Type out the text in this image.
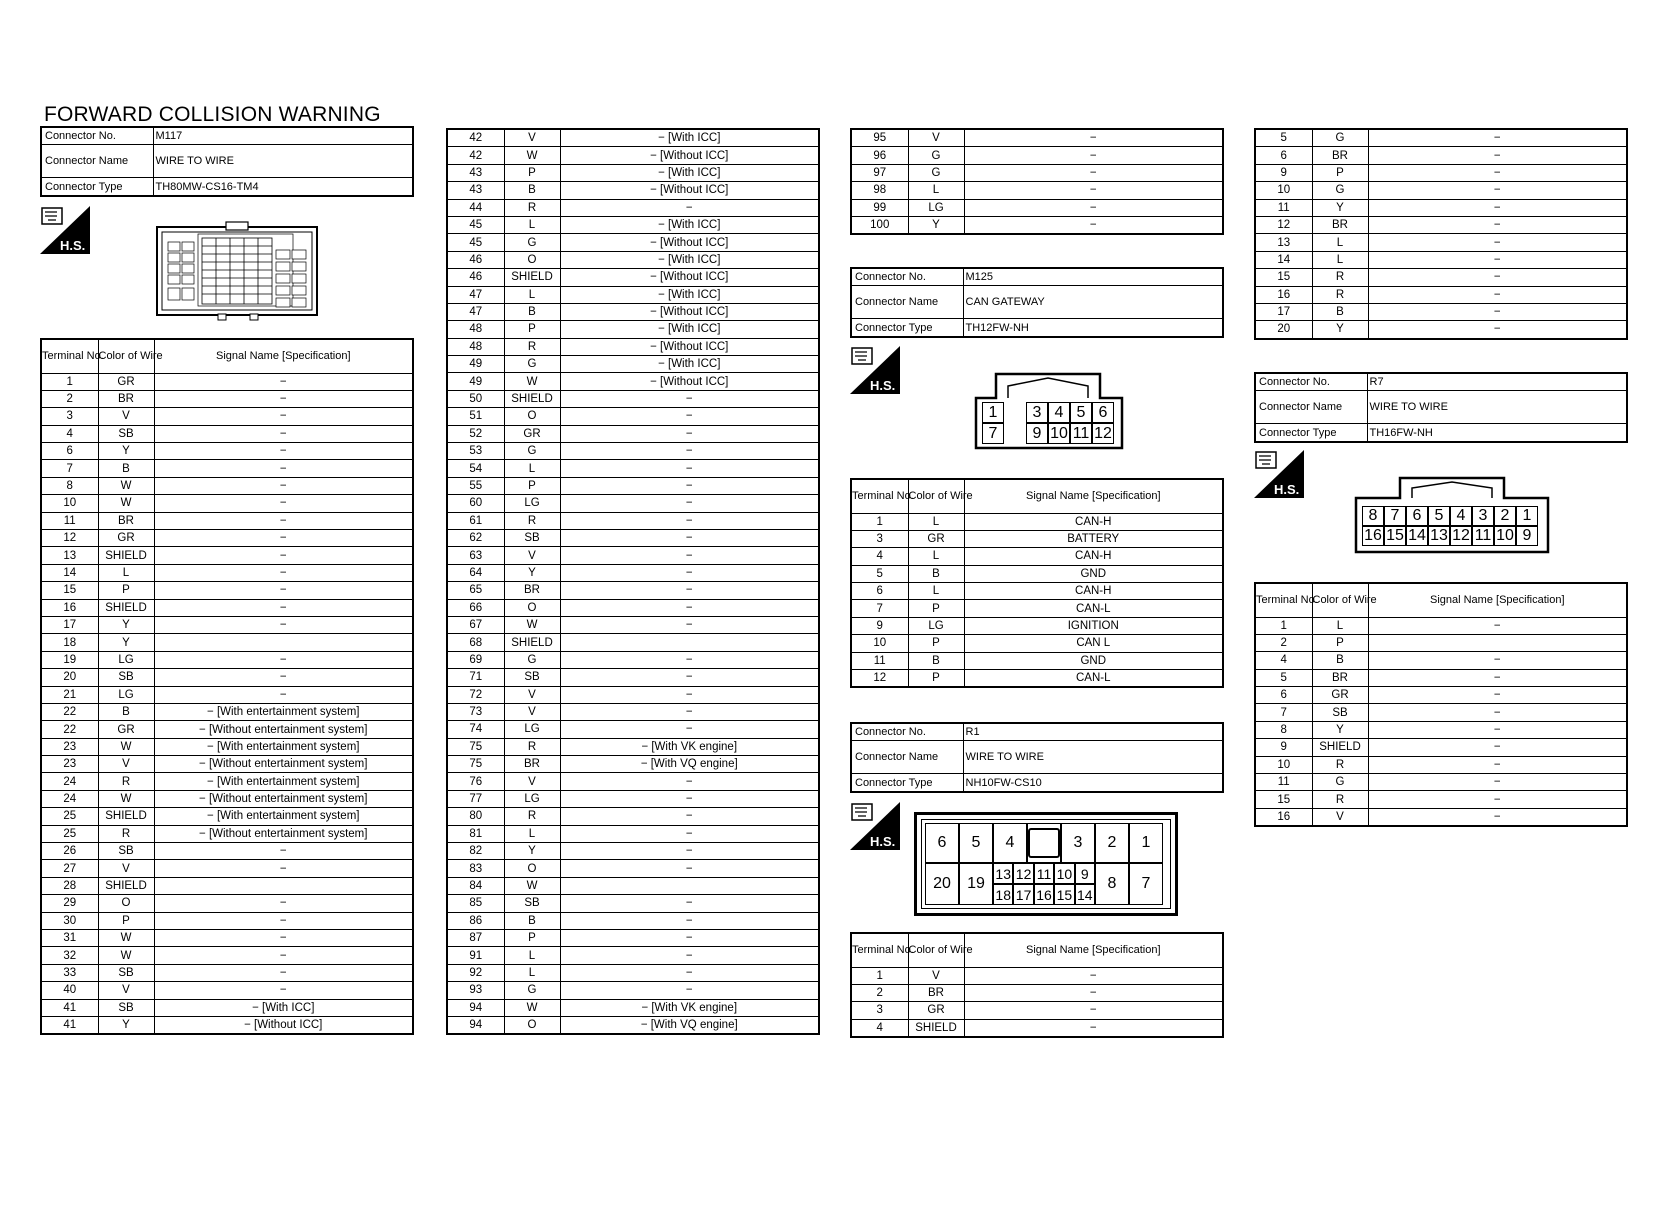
FORWARD COLLISION WARNING
Connector No.	M117
Connector Name	WIRE TO WIRE
Connector Type	TH80MW-CS16-TM4
H.S.
Terminal No.	Color of Wire	Signal Name [Specification]
1	GR	−
2	BR	−
3	V	−
4	SB	−
6	Y	−
7	B	−
8	W	−
10	W	−
11	BR	−
12	GR	−
13	SHIELD	−
14	L	−
15	P	−
16	SHIELD	−
17	Y	−
18	Y	
19	LG	−
20	SB	−
21	LG	−
22	B	− [With entertainment system]
22	GR	− [Without entertainment system]
23	W	− [With entertainment system]
23	V	− [Without entertainment system]
24	R	− [With entertainment system]
24	W	− [Without entertainment system]
25	SHIELD	− [With entertainment system]
25	R	− [Without entertainment system]
26	SB	−
27	V	−
28	SHIELD	
29	O	−
30	P	−
31	W	−
32	W	−
33	SB	−
40	V	−
41	SB	− [With ICC]
41	Y	− [Without ICC]
42	V	− [With ICC]
42	W	− [Without ICC]
43	P	− [With ICC]
43	B	− [Without ICC]
44	R	−
45	L	− [With ICC]
45	G	− [Without ICC]
46	O	− [With ICC]
46	SHIELD	− [Without ICC]
47	L	− [With ICC]
47	B	− [Without ICC]
48	P	− [With ICC]
48	R	− [Without ICC]
49	G	− [With ICC]
49	W	− [Without ICC]
50	SHIELD	−
51	O	−
52	GR	−
53	G	−
54	L	−
55	P	−
60	LG	−
61	R	−
62	SB	−
63	V	−
64	Y	−
65	BR	−
66	O	−
67	W	−
68	SHIELD	
69	G	−
71	SB	−
72	V	−
73	V	−
74	LG	−
75	R	− [With VK engine]
75	BR	− [With VQ engine]
76	V	−
77	LG	−
80	R	−
81	L	−
82	Y	−
83	O	−
84	W	
85	SB	−
86	B	−
87	P	−
91	L	−
92	L	−
93	G	−
94	W	− [With VK engine]
94	O	− [With VQ engine]
95	V	−
96	G	−
97	G	−
98	L	−
99	LG	−
100	Y	−
Connector No.	M125
Connector Name	CAN GATEWAY
Connector Type	TH12FW-NH
H.S.
1	3 4 5 6
7	9 10 11 12
Terminal No.	Color of Wire	Signal Name [Specification]
1	L	CAN-H
3	GR	BATTERY
4	L	CAN-H
5	B	GND
6	L	CAN-H
7	P	CAN-L
9	LG	IGNITION
10	P	CAN L
11	B	GND
12	P	CAN-L
Connector No.	R1
Connector Name	WIRE TO WIRE
Connector Type	NH10FW-CS10
H.S.	6	5	4	3	2	1
20	19
13 12 11 10 9
18 17 16 15 14
8	7
Terminal No.	Color of Wire	Signal Name [Specification]
1	V	−
2	BR	−
3	GR	−
4	SHIELD	−
5	G	−
6	BR	−
9	P	−
10	G	−
11	Y	−
12	BR	−
13	L	−
14	L	−
15	R	−
16	R	−
17	B	−
20	Y	−
Connector No.	R7
Connector Name	WIRE TO WIRE
Connector Type	TH16FW-NH
H.S.
8 7 6 5 4 3 2 1
16 15 14 13 12 11 10 9
Terminal No.	Color of Wire	Signal Name [Specification]
1	L	−
2	P	
4	B	−
5	BR	−
6	GR	−
7	SB	−
8	Y	−
9	SHIELD	−
10	R	−
11	G	−
15	R	−
16	V	−
